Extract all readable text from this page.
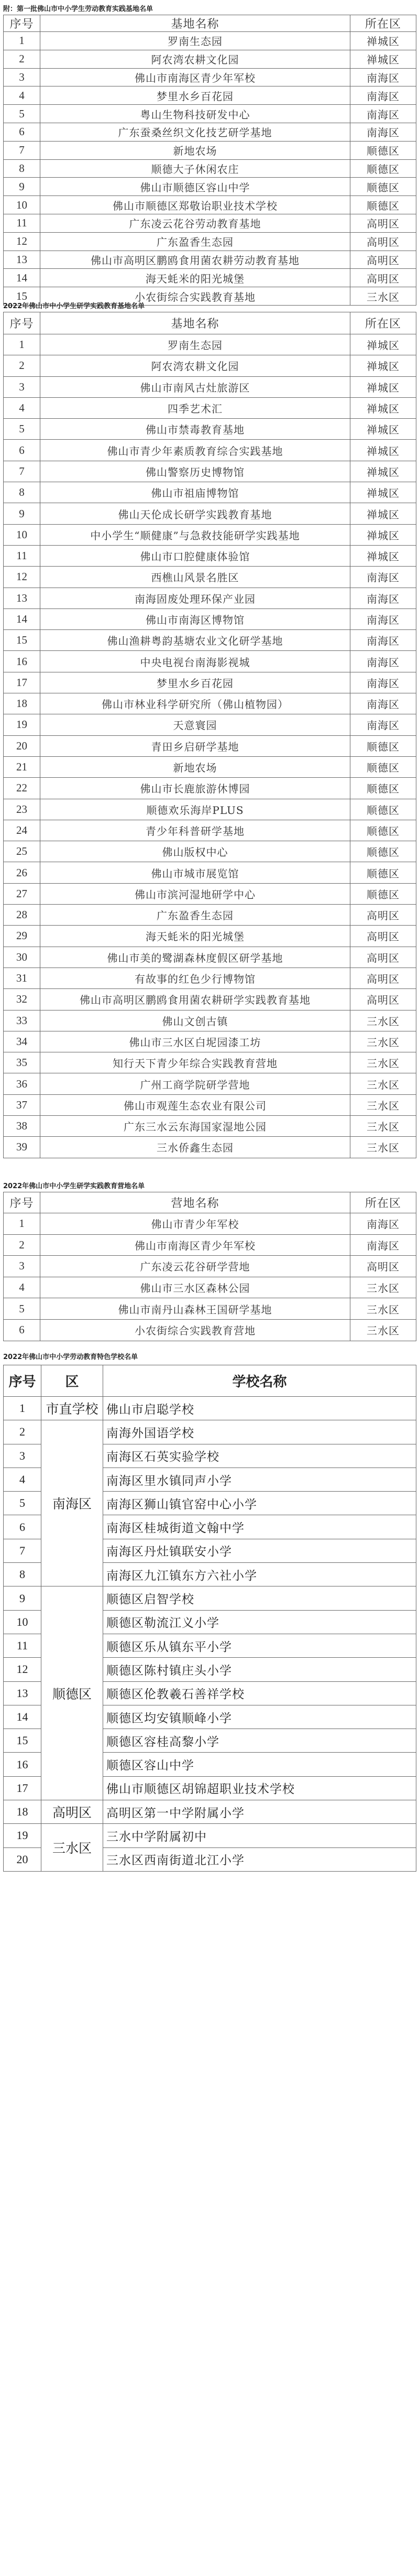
附：第一批佛山市中小学生劳动教育实践基地名单
序号	基地名称	所在区
1	罗南生态园	禅城区
2	阿农湾农耕文化园	禅城区
3	佛山市南海区青少年军校	南海区
4	梦里水乡百花园	南海区
5	粤山生物科技研发中心	南海区
6	广东蚕桑丝织文化技艺研学基地	南海区
7	新地农场	顺德区
8	顺德大子休闲农庄	顺德区
9	佛山市顺德区容山中学	顺德区
10	佛山市顺德区郑敬诒职业技术学校	顺德区
11	广东凌云花谷劳动教育基地	高明区
12	广东盈香生态园	高明区
13	佛山市高明区鹏鸥食用菌农耕劳动教育基地	高明区
14	海天蚝米的阳光城堡	高明区
15	小农街综合实践教育基地	三水区
2022年佛山市中小学生研学实践教育基地名单
序号	基地名称	所在区
1	罗南生态园	禅城区
2	阿农湾农耕文化园	禅城区
3	佛山市南风古灶旅游区	禅城区
4	四季艺术汇	禅城区
5	佛山市禁毒教育基地	禅城区
6	佛山市青少年素质教育综合实践基地	禅城区
7	佛山警察历史博物馆	禅城区
8	佛山市祖庙博物馆	禅城区
9	佛山天伦成长研学实践教育基地	禅城区
10	中小学生“顺健康”与急救技能研学实践基地	禅城区
11	佛山市口腔健康体验馆	禅城区
12	西樵山风景名胜区	南海区
13	南海固废处理环保产业园	南海区
14	佛山市南海区博物馆	南海区
15	佛山渔耕粤韵基塘农业文化研学基地	南海区
16	中央电视台南海影视城	南海区
17	梦里水乡百花园	南海区
18	佛山市林业科学研究所（佛山植物园）	南海区
19	天意寰园	南海区
20	青田乡启研学基地	顺德区
21	新地农场	顺德区
22	佛山市长鹿旅游休博园	顺德区
23	顺德欢乐海岸PLUS	顺德区
24	青少年科普研学基地	顺德区
25	佛山版权中心	顺德区
26	佛山市城市展览馆	顺德区
27	佛山市滨河湿地研学中心	顺德区
28	广东盈香生态园	高明区
29	海天蚝米的阳光城堡	高明区
30	佛山市美的鹭湖森林度假区研学基地	高明区
31	有故事的红色少行博物馆	高明区
32	佛山市高明区鹏鸥食用菌农耕研学实践教育基地	高明区
33	佛山文创古镇	三水区
34	佛山市三水区白坭园漆工坊	三水区
35	知行天下青少年综合实践教育营地	三水区
36	广州工商学院研学营地	三水区
37	佛山市观莲生态农业有限公司	三水区
38	广东三水云东海国家湿地公园	三水区
39	三水侨鑫生态园	三水区
2022年佛山市中小学生研学实践教育营地名单
序号	营地名称	所在区
1	佛山市青少年军校	南海区
2	佛山市南海区青少年军校	南海区
3	广东凌云花谷研学营地	高明区
4	佛山市三水区森林公园	三水区
5	佛山市南丹山森林王国研学基地	三水区
6	小农街综合实践教育营地	三水区
2022年佛山市中小学劳动教育特色学校名单
序号	区	学校名称
1	市直学校	佛山市启聪学校
2	南海区	南海外国语学校
3		南海区石英实验学校
4		南海区里水镇同声小学
5		南海区狮山镇官窑中心小学
6		南海区桂城街道文翰中学
7		南海区丹灶镇联安小学
8		南海区九江镇东方六社小学
9	顺德区	顺德区启智学校
10		顺德区勒流江义小学
11		顺德区乐从镇东平小学
12		顺德区陈村镇庄头小学
13		顺德区伦教羲石善祥学校
14		顺德区均安镇顺峰小学
15		顺德区容桂高黎小学
16		顺德区容山中学
17		佛山市顺德区胡锦超职业技术学校
18	高明区	高明区第一中学附属小学
19	三水区	三水中学附属初中
20		三水区西南街道北江小学
